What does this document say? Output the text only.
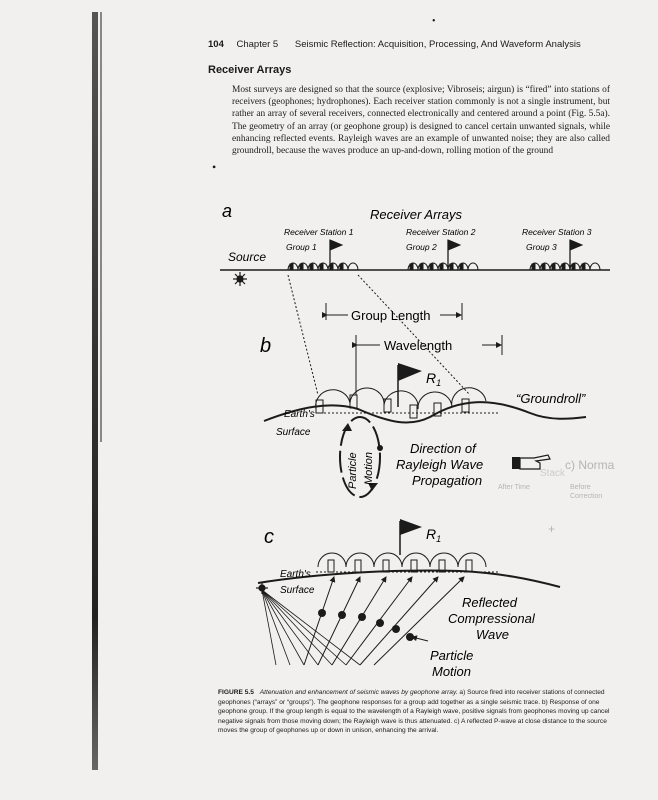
•
c) Norma
Stack
Before
Correction
After Time
+
104 Chapter 5 Seismic Reflection: Acquisition, Processing, And Waveform Analysis
Receiver Arrays

Most surveys are designed so that the source (explosive; Vibroseis; airgun) is “fired” into stations of receivers (geophones; hydrophones). Each receiver station commonly is not a single instrument, but rather an array of several receivers, connected electronically and centered around a point (Fig. 5.5a). The geometry of an array (or geophone group) is designed to cancel certain unwanted signals, while enhancing reflected events. Rayleigh waves are an example of unwanted noise; they are also called groundroll, because the waves produce an up-and-down, rolling motion of the ground

•
a	Receiver Arrays
Receiver Station 1	Receiver Station 2	Receiver Station 3
Group 1	Group 2	Group 3
Source
b
Group Length
Wavelength
$R_1$
“Groundroll”
Earth's
Surface
Particle Motion
Direction of
Rayleigh Wave
Propagation
c	$R_1$
Earth's
Surface
Reflected
Compressional
Wave
Particle
Motion

FIGURE 5.5 Attenuation and enhancement of seismic waves by geophone array. a) Source fired into receiver stations of connected geophones (“arrays” or “groups”). The geophone responses for a group add together as a single seismic trace. b) Response of one geophone group. If the group length is equal to the wavelength of a Rayleigh wave, positive signals from geophones moving up cancel negative signals from those moving down; the Rayleigh wave is thus attenuated. c) A reflected P-wave at close distance to the source moves the group of geophones up or down in unison, enhancing the arrival.
